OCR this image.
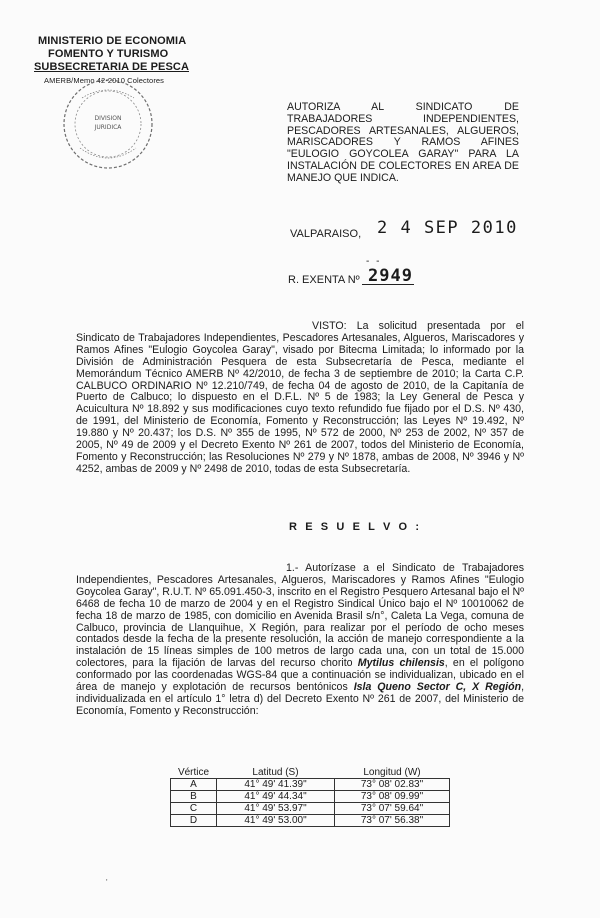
MINISTERIO DE ECONOMIA
FOMENTO Y TURISMO
SUBSECRETARIA DE PESCA
AMERB/Memo 42-2010 Colectores
DIVISION
JURIDICA
AUTORIZA AL SINDICATO DE TRABAJADORES INDEPENDIENTES, PESCADORES ARTESANALES, ALGUEROS, MARISCADORES Y RAMOS AFINES "EULOGIO GOYCOLEA GARAY" PARA LA INSTALACIÓN DE COLECTORES EN AREA DE MANEJO QUE INDICA.
VALPARAISO, 2 4 SEP 2010
- -
R. EXENTA Nº 2949
VISTO: La solicitud presentada por el Sindicato de Trabajadores Independientes, Pescadores Artesanales, Algueros, Mariscadores y Ramos Afines "Eulogio Goycolea Garay", visado por Bitecma Limitada; lo informado por la División de Administración Pesquera de esta Subsecretaría de Pesca, mediante el Memorándum Técnico AMERB Nº 42/2010, de fecha 3 de septiembre de 2010; la Carta C.P. CALBUCO ORDINARIO Nº 12.210/749, de fecha 04 de agosto de 2010, de la Capitanía de Puerto de Calbuco; lo dispuesto en el D.F.L. Nº 5 de 1983; la Ley General de Pesca y Acuicultura Nº 18.892 y sus modificaciones cuyo texto refundido fue fijado por el D.S. Nº 430, de 1991, del Ministerio de Economía, Fomento y Reconstrucción; las Leyes Nº 19.492, Nº 19.880 y Nº 20.437; los D.S. Nº 355 de 1995, Nº 572 de 2000, Nº 253 de 2002, Nº 357 de 2005, Nº 49 de 2009 y el Decreto Exento Nº 261 de 2007, todos del Ministerio de Economía, Fomento y Reconstrucción; las Resoluciones Nº 279 y Nº 1878, ambas de 2008, Nº 3946 y Nº 4252, ambas de 2009 y Nº 2498 de 2010, todas de esta Subsecretaría.
R E S U E L V O :
1.- Autorízase a el Sindicato de Trabajadores Independientes, Pescadores Artesanales, Algueros, Mariscadores y Ramos Afines "Eulogio Goycolea Garay", R.U.T. Nº 65.091.450-3, inscrito en el Registro Pesquero Artesanal bajo el Nº 6468 de fecha 10 de marzo de 2004 y en el Registro Sindical Único bajo el Nº 10010062 de fecha 18 de marzo de 1985, con domicilio en Avenida Brasil s/n°, Caleta La Vega, comuna de Calbuco, provincia de Llanquihue, X Región, para realizar por el período de ocho meses contados desde la fecha de la presente resolución, la acción de manejo correspondiente a la instalación de 15 líneas simples de 100 metros de largo cada una, con un total de 15.000 colectores, para la fijación de larvas del recurso chorito Mytilus chilensis, en el polígono conformado por las coordenadas WGS-84 que a continuación se individualizan, ubicado en el área de manejo y explotación de recursos bentónicos Isla Queno Sector C, X Región, individualizada en el artículo 1° letra d) del Decreto Exento Nº 261 de 2007, del Ministerio de Economía, Fomento y Reconstrucción:
Vértice	Latitud (S)	Longitud (W)
A	41° 49' 41.39"	73° 08' 02.83"
B	41° 49' 44.34"	73° 08' 09.99"
C	41° 49' 53.97"	73° 07' 59.64"
D	41° 49' 53.00"	73° 07' 56.38"
'
